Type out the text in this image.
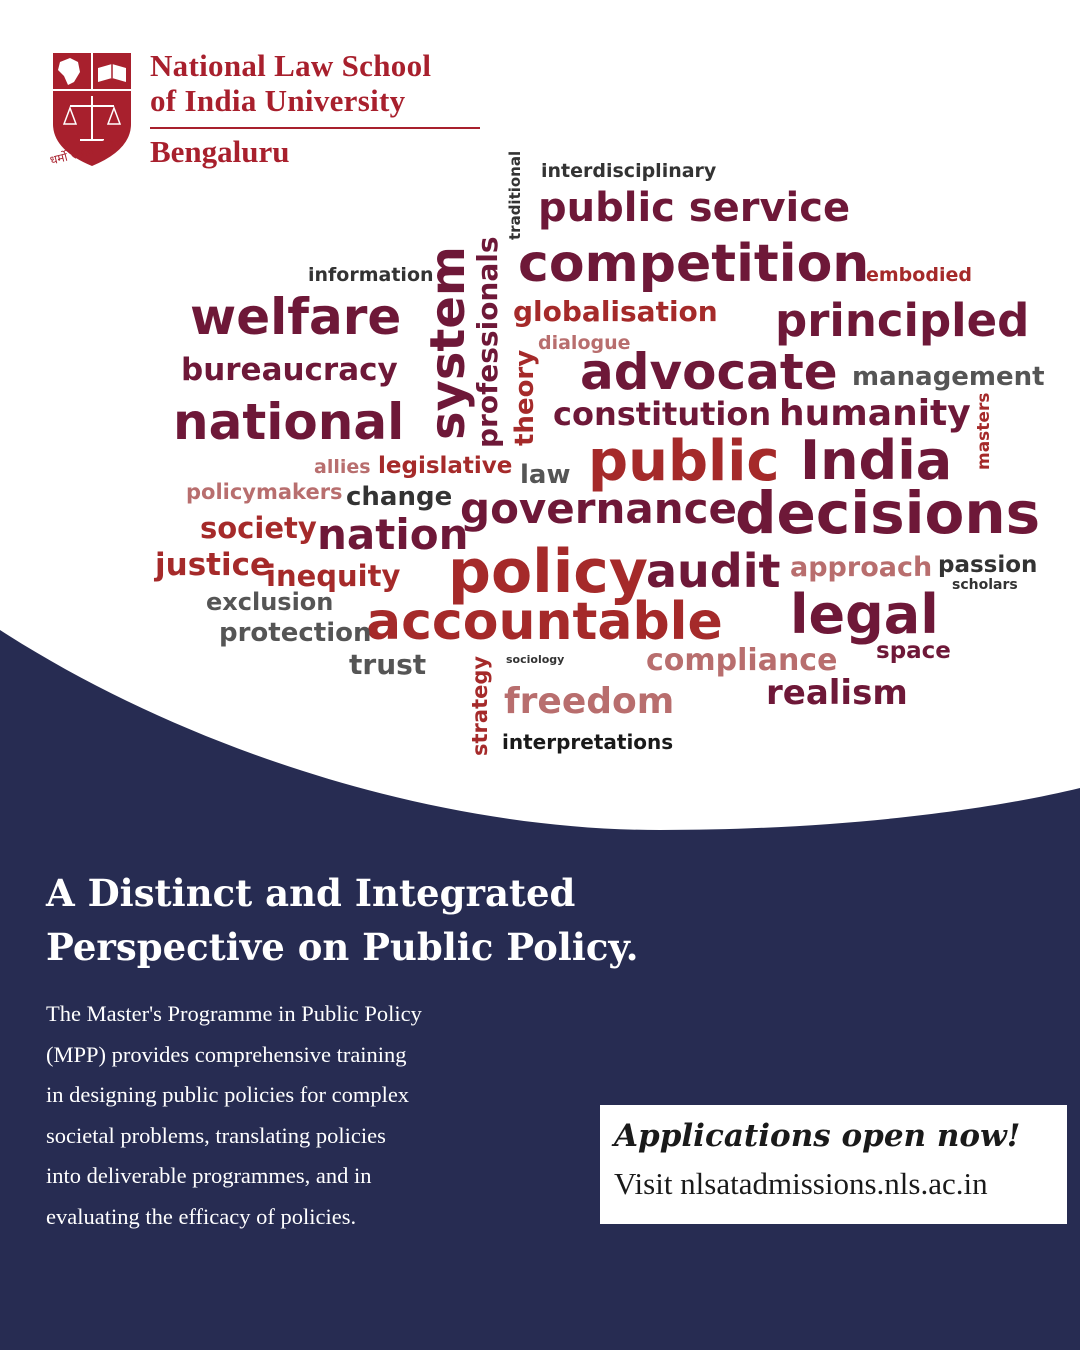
धर्मो रक्षति रक्षितः
National Law School
of India University
Bengaluru	traditional interdisciplinary
public service
competition
embodied
information
welfare system
professionals globalisation principled
dialogue
bureaucracy	theory advocate management
national	constitution humanity masters
allies legislative law public India
policymakers change governance
decisions
society nation
justice
inequity policy
audit approach passion
scholars
exclusion accountable legal
protection
trust	sociology	compliance space
strategy freedom	realism
interpretations
A Distinct and Integrated
Perspective on Public Policy.
The Master's Programme in Public Policy
(MPP) provides comprehensive training
in designing public policies for complex
societal problems, translating policies
into deliverable programmes, and in
evaluating the efficacy of policies.
Applications open now!
Visit nlsatadmissions.nls.ac.in
